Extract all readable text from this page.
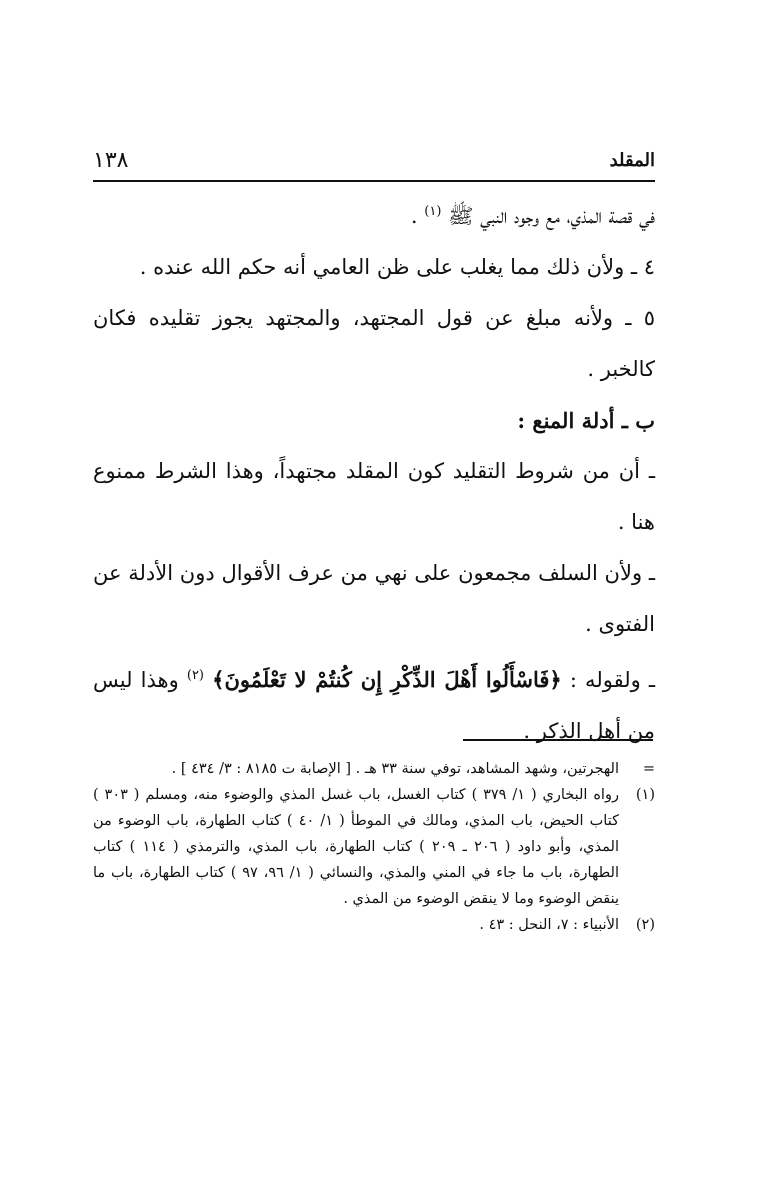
المقلد
١٣٨

في قصة المذي، مع وجود النبي ﷺ $^{(١)}$ .

٤ ـ ولأن ذلك مما يغلب على ظن العامي أنه حكم الله عنده .

٥ ـ ولأنه مبلغ عن قول المجتهد، والمجتهد يجوز تقليده فكان كالخبر .

ب ـ أدلة المنع :

ـ أن من شروط التقليد كون المقلد مجتهداً، وهذا الشرط ممنوع هنا .

ـ ولأن السلف مجمعون على نهي من عرف الأقوال دون الأدلة عن الفتوى .

ـ ولقوله : ﴿فَاسْأَلُوا أَهْلَ الذِّكْرِ إِن كُنتُمْ لا تَعْلَمُونَ﴾ $^{(٢)}$ وهذا ليس من أهل الذكر .

=
الهجرتين، وشهد المشاهد، توفي سنة ٣٣ هـ . [ الإصابة ت ٨١٨٥ : ٣/ ٤٣٤ ] .
(١)
رواه البخاري ( ١/ ٣٧٩ ) كتاب الغسل، باب غسل المذي والوضوء منه، ومسلم ( ٣٠٣ ) كتاب الحيض، باب المذي، ومالك في الموطأ ( ١/ ٤٠ ) كتاب الطهارة، باب الوضوء من المذي، وأبو داود ( ٢٠٦ ـ ٢٠٩ ) كتاب الطهارة، باب المذي، والترمذي ( ١١٤ ) كتاب الطهارة، باب ما جاء في المني والمذي، والنسائي ( ١/ ٩٦، ٩٧ ) كتاب الطهارة، باب ما ينقض الوضوء وما لا ينقض الوضوء من المذي .
(٢)
الأنبياء : ٧، النحل : ٤٣ .
